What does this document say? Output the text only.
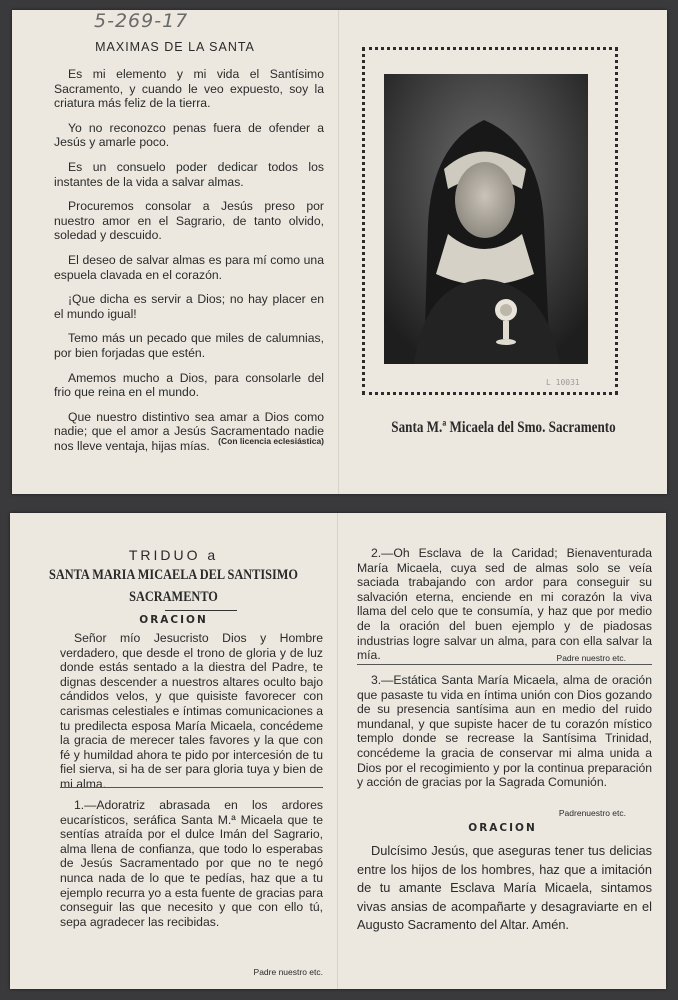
5-269-17
MAXIMAS DE LA SANTA

Es mi elemento y mi vida el Santísimo Sacramento, y cuando le veo expuesto, soy la criatura más feliz de la tierra.

Yo no reconozco penas fuera de ofender a Jesús y amarle poco.

Es un consuelo poder dedicar todos los instantes de la vida a salvar almas.

Procuremos consolar a Jesús preso por nuestro amor en el Sagrario, de tanto olvido, soledad y descuido.

El deseo de salvar almas es para mí como una espuela clavada en el corazón.

¡Que dicha es servir a Dios; no hay placer en el mundo igual!

Temo más un pecado que miles de calumnias, por bien forjadas que estén.

Amemos mucho a Dios, para consolarle del frio que reina en el mundo.

Que nuestro distintivo sea amar a Dios como nadie; que el amor a Jesús Sacramentado nadie nos lleve ventaja, hijas mías. (Con licencia eclesiástica)
L 10031
Santa M.ª Micaela del Smo. Sacramento
TRIDUO a
SANTA MARIA MICAELA DEL SANTISIMO
SACRAMENTO
ORACION
Señor mío Jesucristo Dios y Hombre verdadero, que desde el trono de gloria y de luz donde estás sentado a la diestra del Padre, te dignas descender a nuestros altares oculto bajo cándidos velos, y que quisiste favorecer con carismas celestiales e íntimas comunicaciones a tu predilecta esposa María Micaela, concédeme la gracia de merecer tales favores y la que con fé y humildad ahora te pido por intercesión de tu fiel sierva, si ha de ser para gloria tuya y bien de mi alma.
1.—Adoratriz abrasada en los ardores eucarísticos, seráfica Santa M.ª Micaela que te sentías atraída por el dulce Imán del Sagrario, alma llena de confianza, que todo lo esperabas de Jesús Sacramentado por que no te negó nunca nada de lo que te pedías, haz que a tu ejemplo recurra yo a esta fuente de gracias para conseguir las que necesito y que con ello tú, sepa agradecer las recibidas.
Padre nuestro etc.
2.—Oh Esclava de la Caridad; Bienaventurada María Micaela, cuya sed de almas solo se veía saciada trabajando con ardor para conseguir su salvación eterna, enciende en mi corazón la viva llama del celo que te consumía, y haz que por medio de la oración del buen ejemplo y de piadosas industrias logre salvar un alma, para con ella salvar la mía.	Padre nuestro etc.
3.—Estática Santa María Micaela, alma de oración que pasaste tu vida en íntima unión con Dios gozando de su presencia santísima aun en medio del ruido mundanal, y que supiste hacer de tu corazón místico templo donde se recrease la Santísima Trinidad, concédeme la gracia de conservar mi alma unida a Dios por el recogimiento y por la continua preparación y acción de gracias por la Sagrada Comunión.
Padrenuestro etc.
ORACION
Dulcísimo Jesús, que aseguras tener tus delicias entre los hijos de los hombres, haz que a imitación de tu amante Esclava María Micaela, sintamos vivas ansias de acompañarte y desagraviarte en el Augusto Sacramento del Altar. Amén.
